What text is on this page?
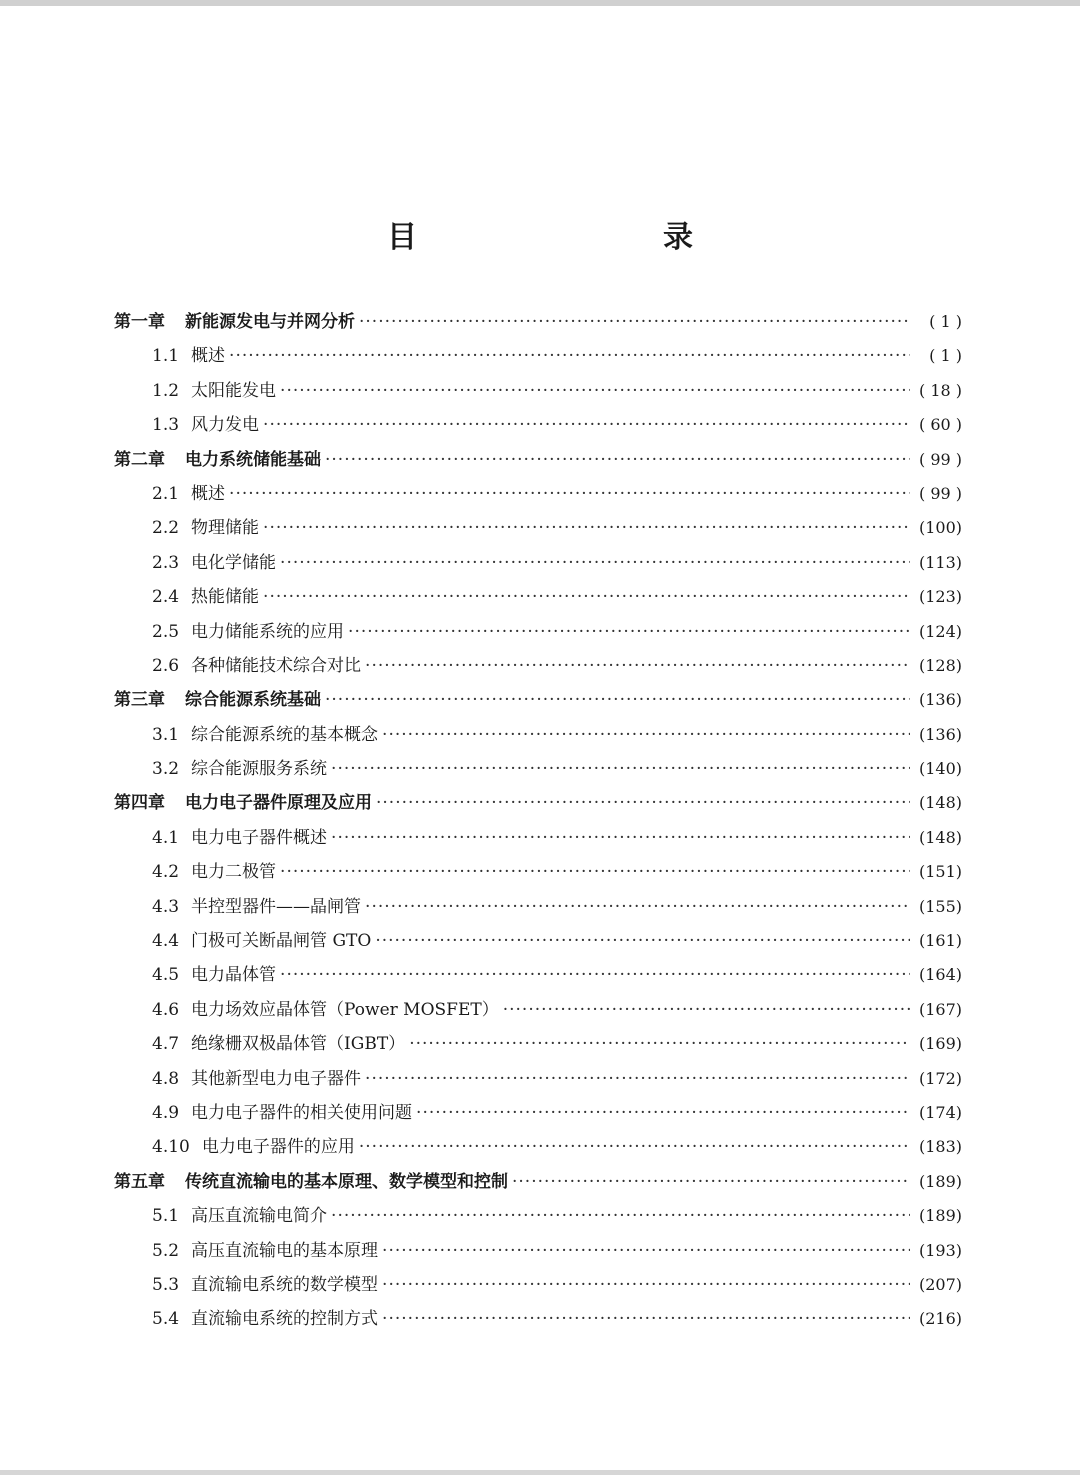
目　　录
第一章 新能源发电与并网分析 ·····	( 1 )
1.1 概述 ·····	( 1 )
1.2 太阳能发电 ·····	( 18 )
1.3 风力发电 ·····	( 60 )
第二章 电力系统储能基础 ·····	( 99 )
2.1 概述 ·····	( 99 )
2.2 物理储能 ·····	(100)
2.3 电化学储能 ·····	(113)
2.4 热能储能 ·····	(123)
2.5 电力储能系统的应用 ·····	(124)
2.6 各种储能技术综合对比 ·····	(128)
第三章 综合能源系统基础 ·····	(136)
3.1 综合能源系统的基本概念 ·····	(136)
3.2 综合能源服务系统 ·····	(140)
第四章 电力电子器件原理及应用 ·····	(148)
4.1 电力电子器件概述 ·····	(148)
4.2 电力二极管 ·····	(151)
4.3 半控型器件——晶闸管 ·····	(155)
4.4 门极可关断晶闸管 GTO ·····	(161)
4.5 电力晶体管 ·····	(164)
4.6 电力场效应晶体管（Power MOSFET） ·····	(167)
4.7 绝缘栅双极晶体管（IGBT） ·····	(169)
4.8 其他新型电力电子器件 ·····	(172)
4.9 电力电子器件的相关使用问题 ·····	(174)
4.10 电力电子器件的应用 ·····	(183)
第五章 传统直流输电的基本原理、数学模型和控制 ·····	(189)
5.1 高压直流输电简介 ·····	(189)
5.2 高压直流输电的基本原理 ·····	(193)
5.3 直流输电系统的数学模型 ·····	(207)
5.4 直流输电系统的控制方式 ·····	(216)
